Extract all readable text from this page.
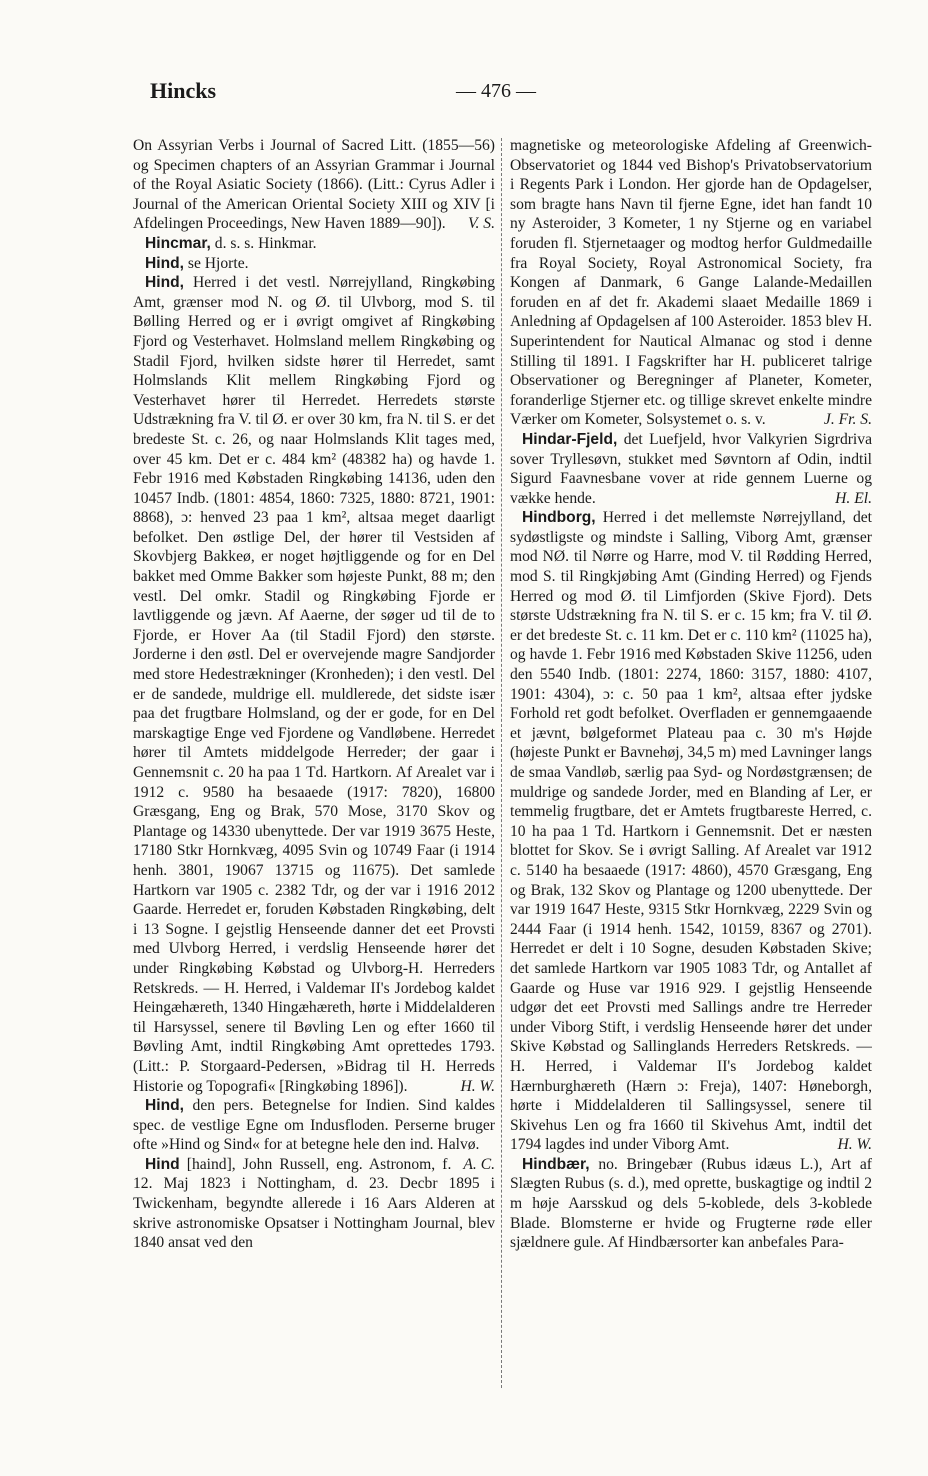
Hincks	— 476 —

On Assyrian Verbs i Journal of Sacred Litt. (1855—56) og Specimen chapters of an Assyrian Grammar i Journal of the Royal Asiatic Society (1866). (Litt.: Cyrus Adler i Journal of the American Oriental Society XIII og XIV [i Afdelingen Proceedings, New Haven 1889—90]). V. S.

Hincmar, d. s. s. Hinkmar.

Hind, se Hjorte.

Hind, Herred i det vestl. Nørrejylland, Ringkøbing Amt, grænser mod N. og Ø. til Ulvborg, mod S. til Bølling Herred og er i øvrigt omgivet af Ringkøbing Fjord og Vesterhavet. Holmsland mellem Ringkøbing og Stadil Fjord, hvilken sidste hører til Herredet, samt Holmslands Klit mellem Ringkøbing Fjord og Vesterhavet hører til Herredet. Herredets største Udstrækning fra V. til Ø. er over 30 km, fra N. til S. er det bredeste St. c. 26, og naar Holmslands Klit tages med, over 45 km. Det er c. 484 km² (48382 ha) og havde 1. Febr 1916 med Købstaden Ringkøbing 14136, uden den 10457 Indb. (1801: 4854, 1860: 7325, 1880: 8721, 1901: 8868), ɔ: henved 23 paa 1 km², altsaa meget daarligt befolket. Den østlige Del, der hører til Vestsiden af Skovbjerg Bakkeø, er noget højtliggende og for en Del bakket med Omme Bakker som højeste Punkt, 88 m; den vestl. Del omkr. Stadil og Ringkøbing Fjorde er lavtliggende og jævn. Af Aaerne, der søger ud til de to Fjorde, er Hover Aa (til Stadil Fjord) den største. Jorderne i den østl. Del er overvejende magre Sandjorder med store Hedestrækninger (Kronheden); i den vestl. Del er de sandede, muldrige ell. muldlerede, det sidste især paa det frugtbare Holmsland, og der er gode, for en Del marskagtige Enge ved Fjordene og Vandløbene. Herredet hører til Amtets middelgode Herreder; der gaar i Gennemsnit c. 20 ha paa 1 Td. Hartkorn. Af Arealet var i 1912 c. 9580 ha besaaede (1917: 7820), 16800 Græsgang, Eng og Brak, 570 Mose, 3170 Skov og Plantage og 14330 ubenyttede. Der var 1919 3675 Heste, 17180 Stkr Hornkvæg, 4095 Svin og 10749 Faar (i 1914 henh. 3801, 19067 13715 og 11675). Det samlede Hartkorn var 1905 c. 2382 Tdr, og der var i 1916 2012 Gaarde. Herredet er, foruden Købstaden Ringkøbing, delt i 13 Sogne. I gejstlig Henseende danner det eet Provsti med Ulvborg Herred, i verdslig Henseende hører det under Ringkøbing Købstad og Ulvborg-H. Herreders Retskreds. — H. Herred, i Valdemar II's Jordebog kaldet Heingæhæreth, 1340 Hingæhæreth, hørte i Middelalderen til Harsyssel, senere til Bøvling Len og efter 1660 til Bøvling Amt, indtil Ringkøbing Amt oprettedes 1793. (Litt.: P. Storgaard-Pedersen, »Bidrag til H. Herreds Historie og Topografi« [Ringkøbing 1896]).	H. W.

Hind, den pers. Betegnelse for Indien. Sind kaldes spec. de vestlige Egne om Indusfloden. Perserne bruger ofte »Hind og Sind« for at betegne hele den ind. Halvø.
A. C.

Hind [haind], John Russell, eng. Astronom, f. 12. Maj 1823 i Nottingham, d. 23. Decbr 1895 i Twickenham, begyndte allerede i 16 Aars Alderen at skrive astronomiske Opsatser i Nottingham Journal, blev 1840 ansat ved den

magnetiske og meteorologiske Afdeling af Greenwich-Observatoriet og 1844 ved Bishop's Privatobservatorium i Regents Park i London. Her gjorde han de Opdagelser, som bragte hans Navn til fjerne Egne, idet han fandt 10 ny Asteroider, 3 Kometer, 1 ny Stjerne og en variabel foruden fl. Stjernetaager og modtog herfor Guldmedaille fra Royal Society, Royal Astronomical Society, fra Kongen af Danmark, 6 Gange Lalande-Medaillen foruden en af det fr. Akademi slaaet Medaille 1869 i Anledning af Opdagelsen af 100 Asteroider. 1853 blev H. Superintendent for Nautical Almanac og stod i denne Stilling til 1891. I Fagskrifter har H. publiceret talrige Observationer og Beregninger af Planeter, Kometer, foranderlige Stjerner etc. og tillige skrevet enkelte mindre Værker om Kometer, Solsystemet o. s. v.	J. Fr. S.

Hindar-Fjeld, det Luefjeld, hvor Valkyrien Sigrdriva sover Tryllesøvn, stukket med Søvntorn af Odin, indtil Sigurd Faavnesbane vover at ride gennem Luerne og vække hende.	H. El.

Hindborg, Herred i det mellemste Nørrejylland, det sydøstligste og mindste i Salling, Viborg Amt, grænser mod NØ. til Nørre og Harre, mod V. til Rødding Herred, mod S. til Ringkjøbing Amt (Ginding Herred) og Fjends Herred og mod Ø. til Limfjorden (Skive Fjord). Dets største Udstrækning fra N. til S. er c. 15 km; fra V. til Ø. er det bredeste St. c. 11 km. Det er c. 110 km² (11025 ha), og havde 1. Febr 1916 med Købstaden Skive 11256, uden den 5540 Indb. (1801: 2274, 1860: 3157, 1880: 4107, 1901: 4304), ɔ: c. 50 paa 1 km², altsaa efter jydske Forhold ret godt befolket. Overfladen er gennemgaaende et jævnt, bølgeformet Plateau paa c. 30 m's Højde (højeste Punkt er Bavnehøj, 34,5 m) med Lavninger langs de smaa Vandløb, særlig paa Syd- og Nordøstgrænsen; de muldrige og sandede Jorder, med en Blanding af Ler, er temmelig frugtbare, det er Amtets frugtbareste Herred, c. 10 ha paa 1 Td. Hartkorn i Gennemsnit. Det er næsten blottet for Skov. Se i øvrigt Salling. Af Arealet var 1912 c. 5140 ha besaaede (1917: 4860), 4570 Græsgang, Eng og Brak, 132 Skov og Plantage og 1200 ubenyttede. Der var 1919 1647 Heste, 9315 Stkr Hornkvæg, 2229 Svin og 2444 Faar (i 1914 henh. 1542, 10159, 8367 og 2701). Herredet er delt i 10 Sogne, desuden Købstaden Skive; det samlede Hartkorn var 1905 1083 Tdr, og Antallet af Gaarde og Huse var 1916 929. I gejstlig Henseende udgør det eet Provsti med Sallings andre tre Herreder under Viborg Stift, i verdslig Henseende hører det under Skive Købstad og Sallinglands Herreders Retskreds. — H. Herred, i Valdemar II's Jordebog kaldet Hærnburghæreth (Hærn ɔ: Freja), 1407: Høneborgh, hørte i Middelalderen til Sallingsyssel, senere til Skivehus Len og fra 1660 til Skivehus Amt, indtil det 1794 lagdes ind under Viborg Amt.	H. W.

Hindbær, no. Bringebær (Rubus idæus L.), Art af Slægten Rubus (s. d.), med oprette, buskagtige og indtil 2 m høje Aarsskud og dels 5-koblede, dels 3-koblede Blade. Blomsterne er hvide og Frugterne røde eller sjældnere gule. Af Hindbærsorter kan anbefales Para-
